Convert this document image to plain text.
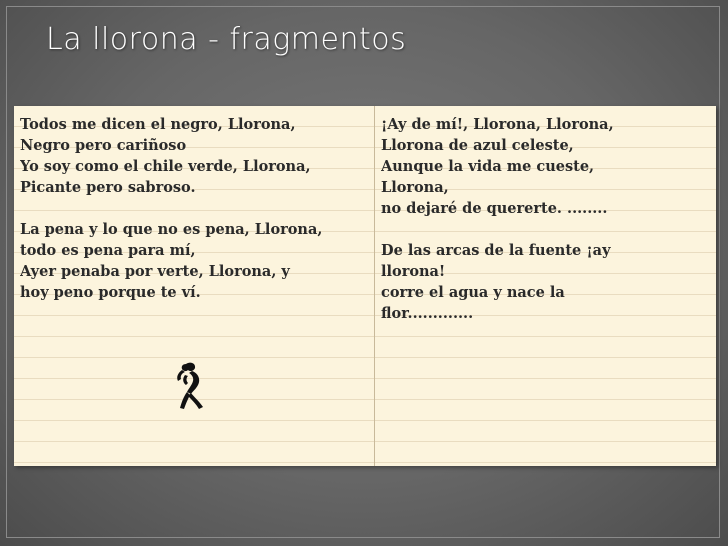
La llorona - fragmentos
Todos me dicen el negro, Llorona,
Negro pero cariñoso
Yo soy como el chile verde, Llorona,
Picante pero sabroso.
La pena y lo que no es pena, Llorona,
todo es pena para mí,
Ayer penaba por verte, Llorona, y
hoy peno porque te ví.
¡Ay de mí!, Llorona, Llorona,
Llorona de azul celeste,
Aunque la vida me cueste,
Llorona,
no dejaré de quererte. ........
De las arcas de la fuente ¡ay
llorona!
corre el agua y nace la
flor.............
